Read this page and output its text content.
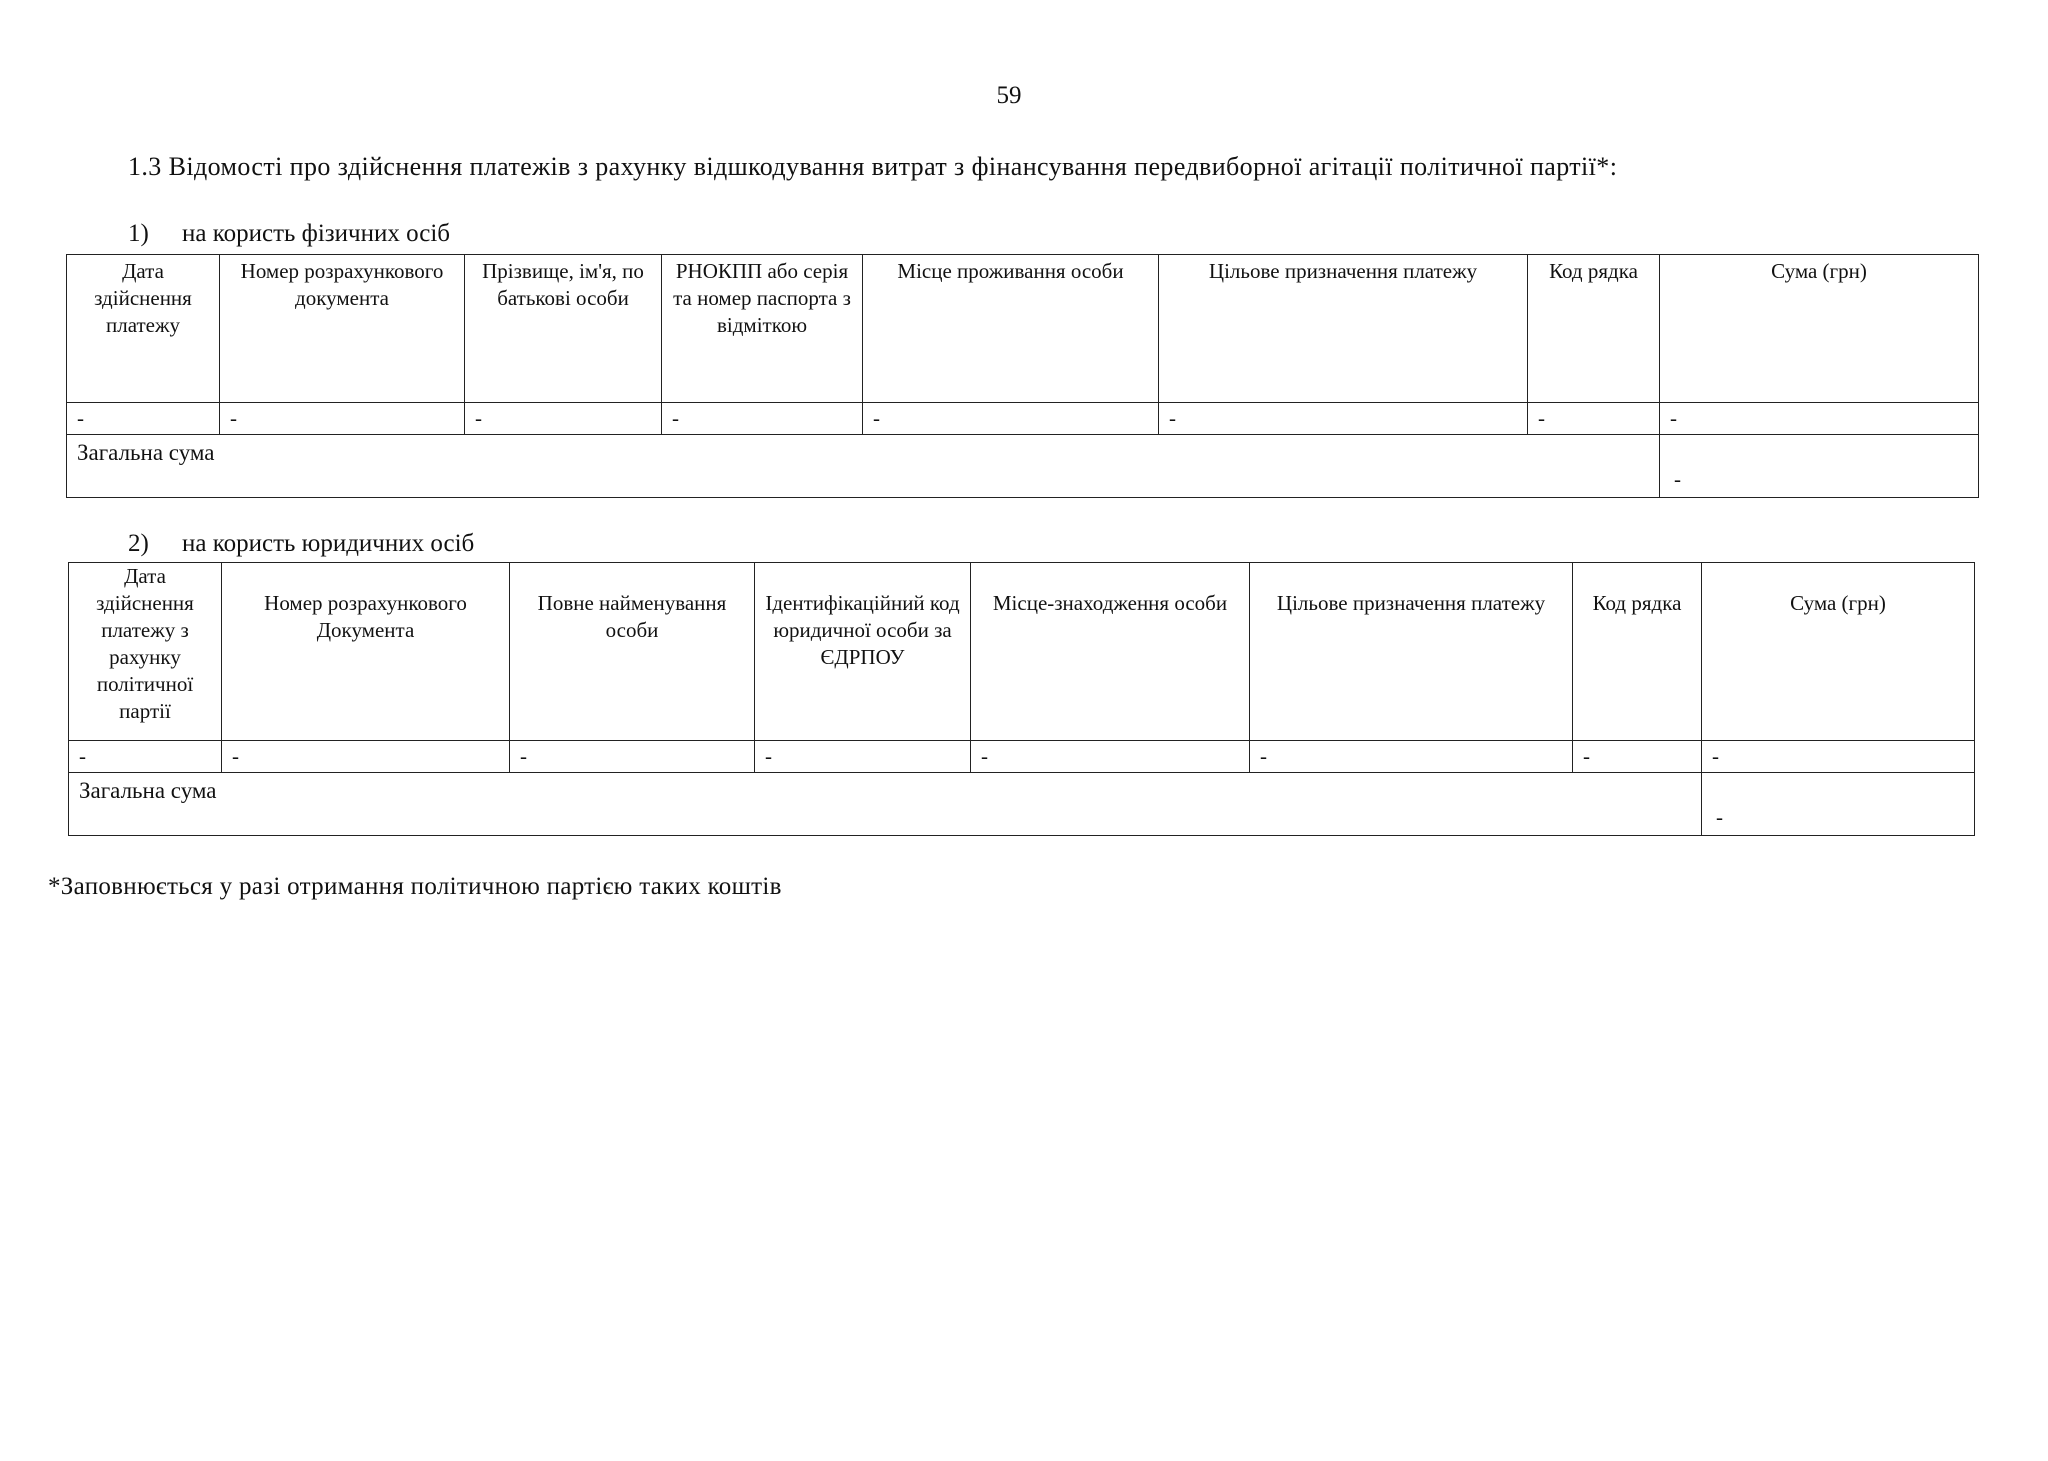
59
1.3 Відомості про здійснення платежів з рахунку відшкодування витрат з фінансування передвиборної агітації політичної партії*:
1) на користь фізичних осіб
Дата здійснення платежу	Номер розрахункового документа	Прізвище, ім'я, по батькові особи	РНОКПП або серія та номер паспорта з відміткою	Місце проживання особи	Цільове призначення платежу	Код рядка	Сума (грн)
-	-	-	-	-	-	-	-
Загальна сума							-
2) на користь юридичних осіб
Дата здійснення платежу з рахунку політичної партії	Номер розрахункового Документа	Повне найменування особи	Ідентифікаційний код юридичної особи за ЄДРПОУ	Місце-знаходження особи	Цільове призначення платежу	Код рядка	Сума (грн)
-	-	-	-	-	-	-	-
Загальна сума							-
*Заповнюється у разі отримання політичною партією таких коштів
